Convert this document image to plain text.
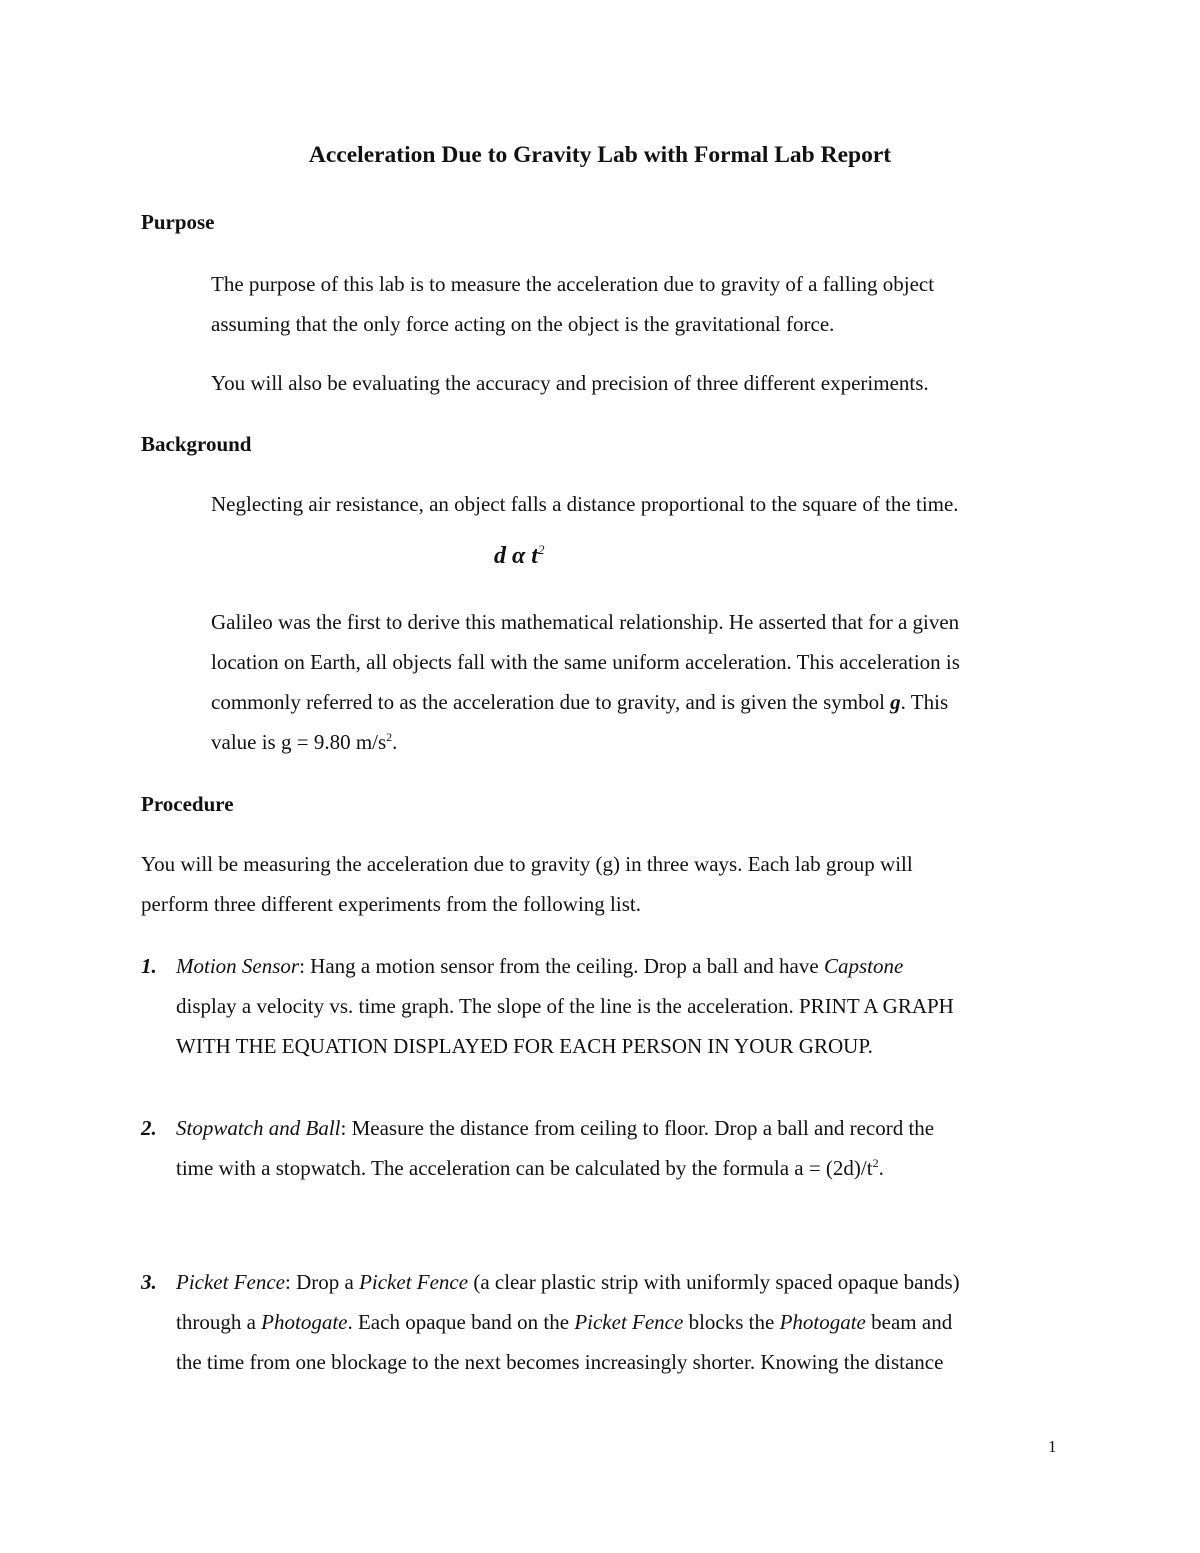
Acceleration Due to Gravity Lab with Formal Lab Report
Purpose

The purpose of this lab is to measure the acceleration due to gravity of a falling object
assuming that the only force acting on the object is the gravitational force.

You will also be evaluating the accuracy and precision of three different experiments.

Background

Neglecting air resistance, an object falls a distance proportional to the square of the time.

d α $t^2$

Galileo was the first to derive this mathematical relationship. He asserted that for a given
location on Earth, all objects fall with the same uniform acceleration. This acceleration is
commonly referred to as the acceleration due to gravity, and is given the symbol g. This
value is g = 9.80 $m/s^2$.

Procedure

You will be measuring the acceleration due to gravity (g) in three ways. Each lab group will
perform three different experiments from the following list.

1. Motion Sensor: Hang a motion sensor from the ceiling. Drop a ball and have Capstone
display a velocity vs. time graph. The slope of the line is the acceleration. PRINT A GRAPH
WITH THE EQUATION DISPLAYED FOR EACH PERSON IN YOUR GROUP.

2. Stopwatch and Ball: Measure the distance from ceiling to floor. Drop a ball and record the
time with a stopwatch. The acceleration can be calculated by the formula $a = (2d)/t^2$.

3. Picket Fence: Drop a Picket Fence (a clear plastic strip with uniformly spaced opaque bands)
through a Photogate. Each opaque band on the Picket Fence blocks the Photogate beam and
the time from one blockage to the next becomes increasingly shorter. Knowing the distance

1
